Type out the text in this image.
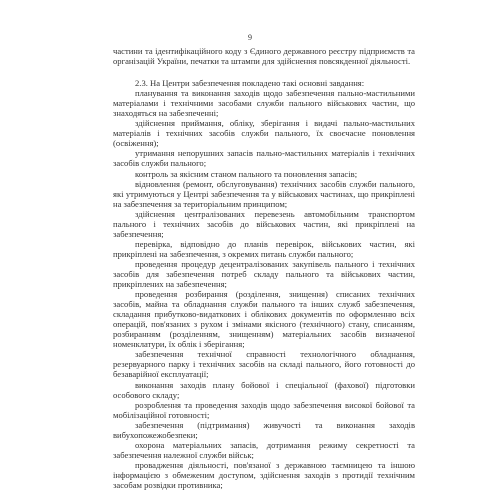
9

частини та ідентифікаційного коду з Єдиного державного реєстру підприємств та організацій України, печатки та штампи для здійснення повсякденної діяльності.

2.3. На Центри забезпечення покладено такі основні завдання:

планування та виконання заходів щодо забезпечення пально-мастильними матеріалами і технічними засобами служби пального військових частин, що знаходяться на забезпеченні;

здійснення приймання, обліку, зберігання і видачі пально-мастильних матеріалів і технічних засобів служби пального, їх своєчасне поновлення (освіження);

утримання непорушних запасів пально-мастильних матеріалів і технічних засобів служби пального;

контроль за якісним станом пального та поновлення запасів;

відновлення (ремонт, обслуговування) технічних засобів служби пального, які утримуються у Центрі забезпечення та у військових частинах, що прикріплені на забезпечення за територіальним принципом;

здійснення централізованих перевезень автомобільним транспортом пального і технічних засобів до військових частин, які прикріплені на забезпечення;

перевірка, відповідно до планів перевірок, військових частин, які прикріплені на забезпечення, з окремих питань служби пального;

проведення процедур децентралізованих закупівель пального і технічних засобів для забезпечення потреб складу пального та військових частин, прикріплених на забезпечення;

проведення розбирання (розділення, знищення) списаних технічних засобів, майна та обладнання служби пального та інших служб забезпечення, складання прибутково-видаткових і облікових документів по оформленню всіх операцій, пов'язаних з рухом і змінами якісного (технічного) стану, списанням, розбиранням (розділенням, знищенням) матеріальних засобів визначеної номенклатури, їх облік і зберігання;

забезпечення технічної справності технологічного обладнання, резервуарного парку і технічних засобів на складі пального, його готовності до безаварійної експлуатації;

виконання заходів плану бойової і спеціальної (фахової) підготовки особового складу;

розроблення та проведення заходів щодо забезпечення високої бойової та мобілізаційної готовності;

забезпечення (підтримання) живучості та виконання заходів вибухопожежобезпеки;

охорона матеріальних запасів, дотримання режиму секретності та забезпечення належної служби військ;

провадження діяльності, пов'язаної з державною таємницею та іншою інформацією з обмеженим доступом, здійснення заходів з протидії технічним засобам розвідки противника;
